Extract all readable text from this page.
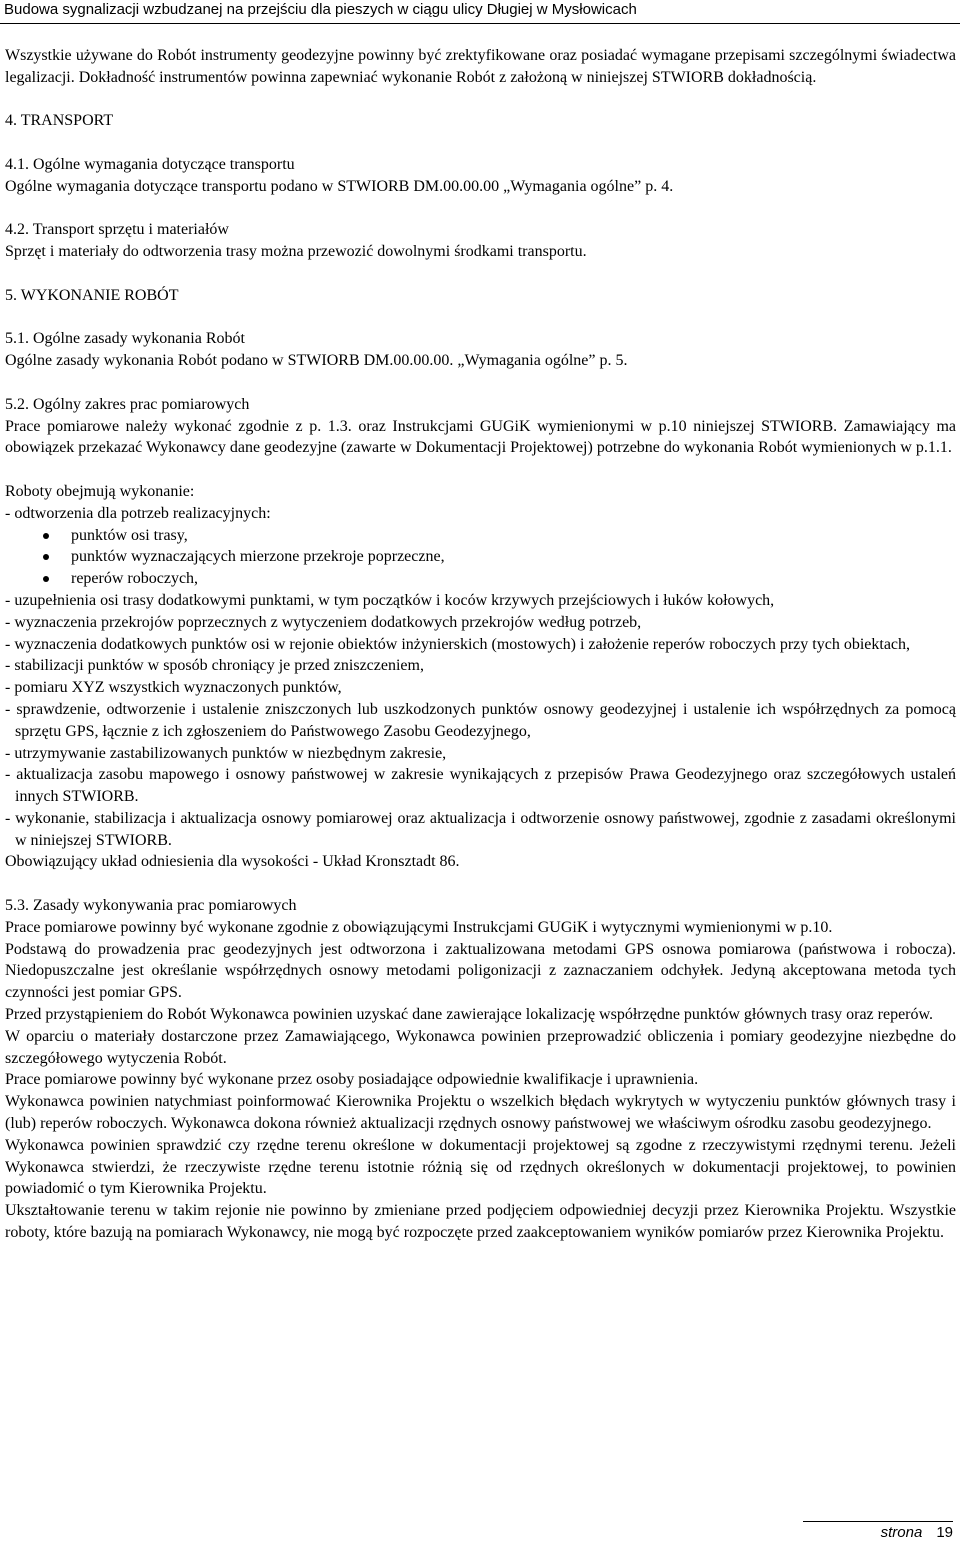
Budowa sygnalizacji wzbudzanej na przejściu dla pieszych w ciągu ulicy Długiej w Mysłowicach

Wszystkie używane do Robót instrumenty geodezyjne powinny być zrektyfikowane oraz posiadać wymagane przepisami szczególnymi świadectwa legalizacji. Dokładność instrumentów powinna zapewniać wykonanie Robót z założoną w niniejszej STWIORB dokładnością.

4. TRANSPORT

4.1. Ogólne wymagania dotyczące transportu

Ogólne wymagania dotyczące transportu podano w STWIORB DM.00.00.00 „Wymagania ogólne” p. 4.

4.2. Transport sprzętu i materiałów

Sprzęt i materiały do odtworzenia trasy można przewozić dowolnymi środkami transportu.

5. WYKONANIE ROBÓT

5.1. Ogólne zasady wykonania Robót

Ogólne zasady wykonania Robót podano w STWIORB DM.00.00.00. „Wymagania ogólne” p. 5.

5.2. Ogólny zakres prac pomiarowych

Prace pomiarowe należy wykonać zgodnie z p. 1.3. oraz Instrukcjami GUGiK wymienionymi w p.10 niniejszej STWIORB. Zamawiający ma obowiązek przekazać Wykonawcy dane geodezyjne (zawarte w Dokumentacji Projektowej) potrzebne do wykonania Robót wymienionych w p.1.1.

Roboty obejmują wykonanie:

- odtworzenia dla potrzeb realizacyjnych:

punktów osi trasy,
punktów wyznaczających mierzone przekroje poprzeczne,
reperów roboczych,

- uzupełnienia osi trasy dodatkowymi punktami, w tym początków i koców krzywych przejściowych i łuków kołowych,

- wyznaczenia przekrojów poprzecznych z wytyczeniem dodatkowych przekrojów według potrzeb,

- wyznaczenia dodatkowych punktów osi w rejonie obiektów inżynierskich (mostowych) i założenie reperów roboczych przy tych obiektach,

- stabilizacji punktów w sposób chroniący je przed zniszczeniem,

- pomiaru XYZ wszystkich wyznaczonych punktów,

- sprawdzenie, odtworzenie i ustalenie zniszczonych lub uszkodzonych punktów osnowy geodezyjnej i ustalenie ich współrzędnych za pomocą sprzętu GPS, łącznie z ich zgłoszeniem do Państwowego Zasobu Geodezyjnego,

- utrzymywanie zastabilizowanych punktów w niezbędnym zakresie,

- aktualizacja zasobu mapowego i osnowy państwowej w zakresie wynikających z przepisów Prawa Geodezyjnego oraz szczegółowych ustaleń innych STWIORB.

- wykonanie, stabilizacja i aktualizacja osnowy pomiarowej oraz aktualizacja i odtworzenie osnowy państwowej, zgodnie z zasadami określonymi w niniejszej STWIORB.

Obowiązujący układ odniesienia dla wysokości - Układ Kronsztadt 86.

5.3. Zasady wykonywania prac pomiarowych

Prace pomiarowe powinny być wykonane zgodnie z obowiązującymi Instrukcjami GUGiK i wytycznymi wymienionymi w p.10.

Podstawą do prowadzenia prac geodezyjnych jest odtworzona i zaktualizowana metodami GPS osnowa pomiarowa (państwowa i robocza). Niedopuszczalne jest określanie współrzędnych osnowy metodami poligonizacji z zaznaczaniem odchyłek. Jedyną akceptowana metoda tych czynności jest pomiar GPS.

Przed przystąpieniem do Robót Wykonawca powinien uzyskać dane zawierające lokalizację współrzędne punktów głównych trasy oraz reperów.

W oparciu o materiały dostarczone przez Zamawiającego, Wykonawca powinien przeprowadzić obliczenia i pomiary geodezyjne niezbędne do szczegółowego wytyczenia Robót.

Prace pomiarowe powinny być wykonane przez osoby posiadające odpowiednie kwalifikacje i uprawnienia.

Wykonawca powinien natychmiast poinformować Kierownika Projektu o wszelkich błędach wykrytych w wytyczeniu punktów głównych trasy i (lub) reperów roboczych. Wykonawca dokona również aktualizacji rzędnych osnowy państwowej we właściwym ośrodku zasobu geodezyjnego.

Wykonawca powinien sprawdzić czy rzędne terenu określone w dokumentacji projektowej są zgodne z rzeczywistymi rzędnymi terenu. Jeżeli Wykonawca stwierdzi, że rzeczywiste rzędne terenu istotnie różnią się od rzędnych określonych w dokumentacji projektowej, to powinien powiadomić o tym Kierownika Projektu.

Ukształtowanie terenu w takim rejonie nie powinno by zmieniane przed podjęciem odpowiedniej decyzji przez Kierownika Projektu. Wszystkie roboty, które bazują na pomiarach Wykonawcy, nie mogą być rozpoczęte przed zaakceptowaniem wyników pomiarów przez Kierownika Projektu.

strona 19
